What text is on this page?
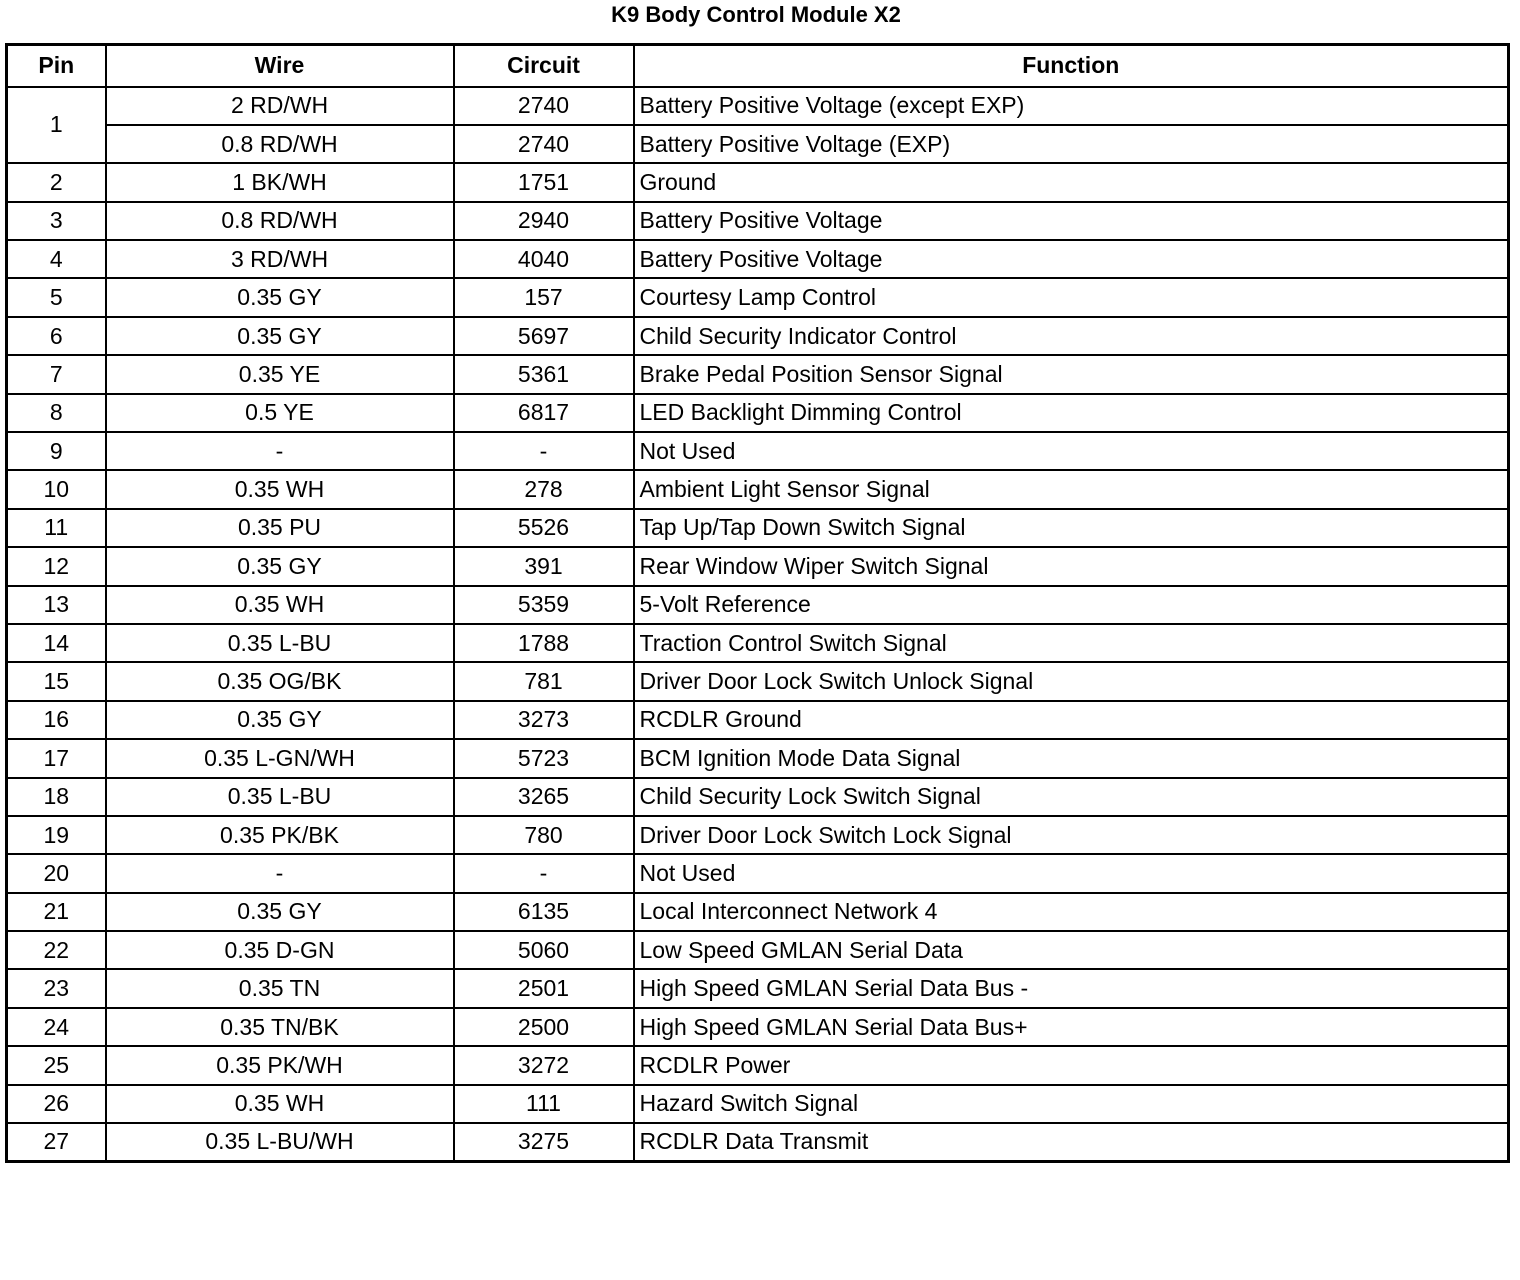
K9 Body Control Module X2
Pin	Wire	Circuit	Function
1	2 RD/WH	2740	Battery Positive Voltage (except EXP)
	0.8 RD/WH	2740	Battery Positive Voltage (EXP)
2	1 BK/WH	1751	Ground
3	0.8 RD/WH	2940	Battery Positive Voltage
4	3 RD/WH	4040	Battery Positive Voltage
5	0.35 GY	157	Courtesy Lamp Control
6	0.35 GY	5697	Child Security Indicator Control
7	0.35 YE	5361	Brake Pedal Position Sensor Signal
8	0.5 YE	6817	LED Backlight Dimming Control
9	-	-	Not Used
10	0.35 WH	278	Ambient Light Sensor Signal
11	0.35 PU	5526	Tap Up/Tap Down Switch Signal
12	0.35 GY	391	Rear Window Wiper Switch Signal
13	0.35 WH	5359	5-Volt Reference
14	0.35 L-BU	1788	Traction Control Switch Signal
15	0.35 OG/BK	781	Driver Door Lock Switch Unlock Signal
16	0.35 GY	3273	RCDLR Ground
17	0.35 L-GN/WH	5723	BCM Ignition Mode Data Signal
18	0.35 L-BU	3265	Child Security Lock Switch Signal
19	0.35 PK/BK	780	Driver Door Lock Switch Lock Signal
20	-	-	Not Used
21	0.35 GY	6135	Local Interconnect Network 4
22	0.35 D-GN	5060	Low Speed GMLAN Serial Data
23	0.35 TN	2501	High Speed GMLAN Serial Data Bus -
24	0.35 TN/BK	2500	High Speed GMLAN Serial Data Bus+
25	0.35 PK/WH	3272	RCDLR Power
26	0.35 WH	111	Hazard Switch Signal
27	0.35 L-BU/WH	3275	RCDLR Data Transmit
